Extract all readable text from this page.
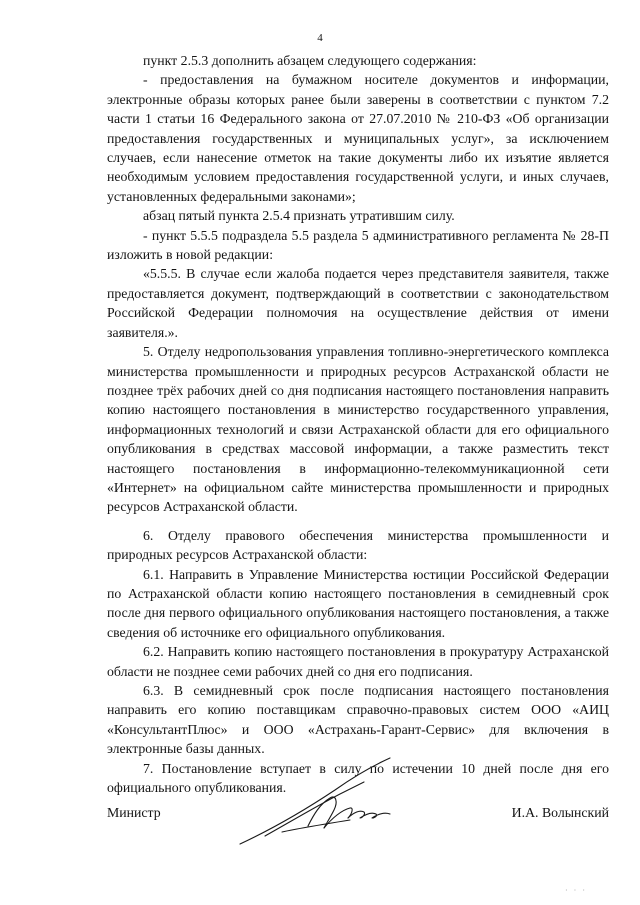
4

пункт 2.5.3 дополнить абзацем следующего содержания:

- предоставления на бумажном носителе документов и информации, электронные образы которых ранее были заверены в соответствии с пунктом 7.2 части 1 статьи 16 Федерального закона от 27.07.2010 № 210-ФЗ «Об организации предоставления государственных и муниципальных услуг», за исключением случаев, если нанесение отметок на такие документы либо их изъятие является необходимым условием предоставления государственной услуги, и иных случаев, установленных федеральными законами»;

абзац пятый пункта 2.5.4 признать утратившим силу.

- пункт 5.5.5 подраздела 5.5 раздела 5 административного регламента № 28-П изложить в новой редакции:

«5.5.5. В случае если жалоба подается через представителя заявителя, также предоставляется документ, подтверждающий в соответствии с законодательством Российской Федерации полномочия на осуществление действия от имени заявителя.».

5. Отделу недропользования управления топливно-энергетического комплекса министерства промышленности и природных ресурсов Астраханской области не позднее трёх рабочих дней со дня подписания настоящего постановления направить копию настоящего постановления в министерство государственного управления, информационных технологий и связи Астраханской области для его официального опубликования в средствах массовой информации, а также разместить текст настоящего постановления в информационно-телекоммуникационной сети «Интернет» на официальном сайте министерства промышленности и природных ресурсов Астраханской области.

6. Отделу правового обеспечения министерства промышленности и природных ресурсов Астраханской области:

6.1. Направить в Управление Министерства юстиции Российской Федерации по Астраханской области копию настоящего постановления в семидневный срок после дня первого официального опубликования настоящего постановления, а также сведения об источнике его официального опубликования.

6.2. Направить копию настоящего постановления в прокуратуру Астраханской области не позднее семи рабочих дней со дня его подписания.

6.3. В семидневный срок после подписания настоящего постановления направить его копию поставщикам справочно-правовых систем ООО «АИЦ «КонсультантПлюс» и ООО «Астрахань-Гарант-Сервис» для включения в электронные базы данных.

7. Постановление вступает в силу по истечении 10 дней после дня его официального опубликования.

Министр	И.А. Волынский
· · ·
